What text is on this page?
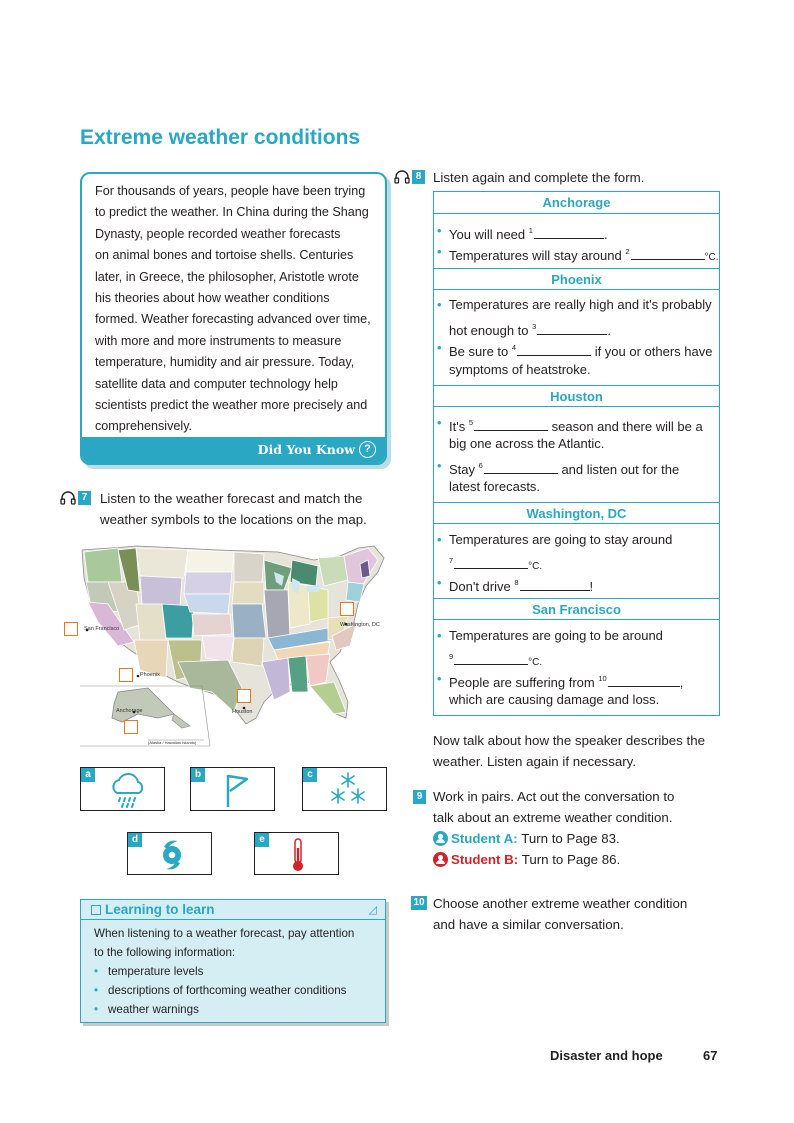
Extreme weather conditions
For thousands of years, people have been trying
to predict the weather. In China during the Shang
Dynasty, people recorded weather forecasts
on animal bones and tortoise shells. Centuries
later, in Greece, the philosopher, Aristotle wrote
his theories about how weather conditions
formed. Weather forecasting advanced over time,
with more and more instruments to measure
temperature, humidity and air pressure. Today,
satellite data and computer technology help
scientists predict the weather more precisely and
comprehensively.
Did You Know ?
7 Listen to the weather forecast and match the
weather symbols to the locations on the map.
San Francisco
Phoenix
Houston
Washington, DC
Anchorage
(Alaska / Hawaiian Islands)
a	b	c
d	e
Learning to learn	◿
When listening to a weather forecast, pay attention
to the following information:
• temperature levels
• descriptions of forthcoming weather conditions
• weather warnings
8 Listen again and complete the form.
Anchorage
• You will need $^1$	.
• Temperatures will stay around $^2$°C.
Phoenix
• Temperatures are really high and it's probably
hot enough to $^3$	.
• Be sure to $^4$	if you or others have
symptoms of heatstroke.
Houston
• It's $^5$	season and there will be a
big one across the Atlantic.
• Stay $^6$	and listen out for the
latest forecasts.
Washington, DC
• Temperatures are going to stay around
$^7$°C.
• Don't drive $^8$	!
San Francisco
• Temperatures are going to be around
$^9$°C.
• People are suffering from $^{10}$	,
which are causing damage and loss.
Now talk about how the speaker describes the
weather. Listen again if necessary.
9 Work in pairs. Act out the conversation to
talk about an extreme weather condition.
Student A: Turn to Page 83.
Student B: Turn to Page 86.
10 Choose another extreme weather condition
and have a similar conversation.
Disaster and hope	67
